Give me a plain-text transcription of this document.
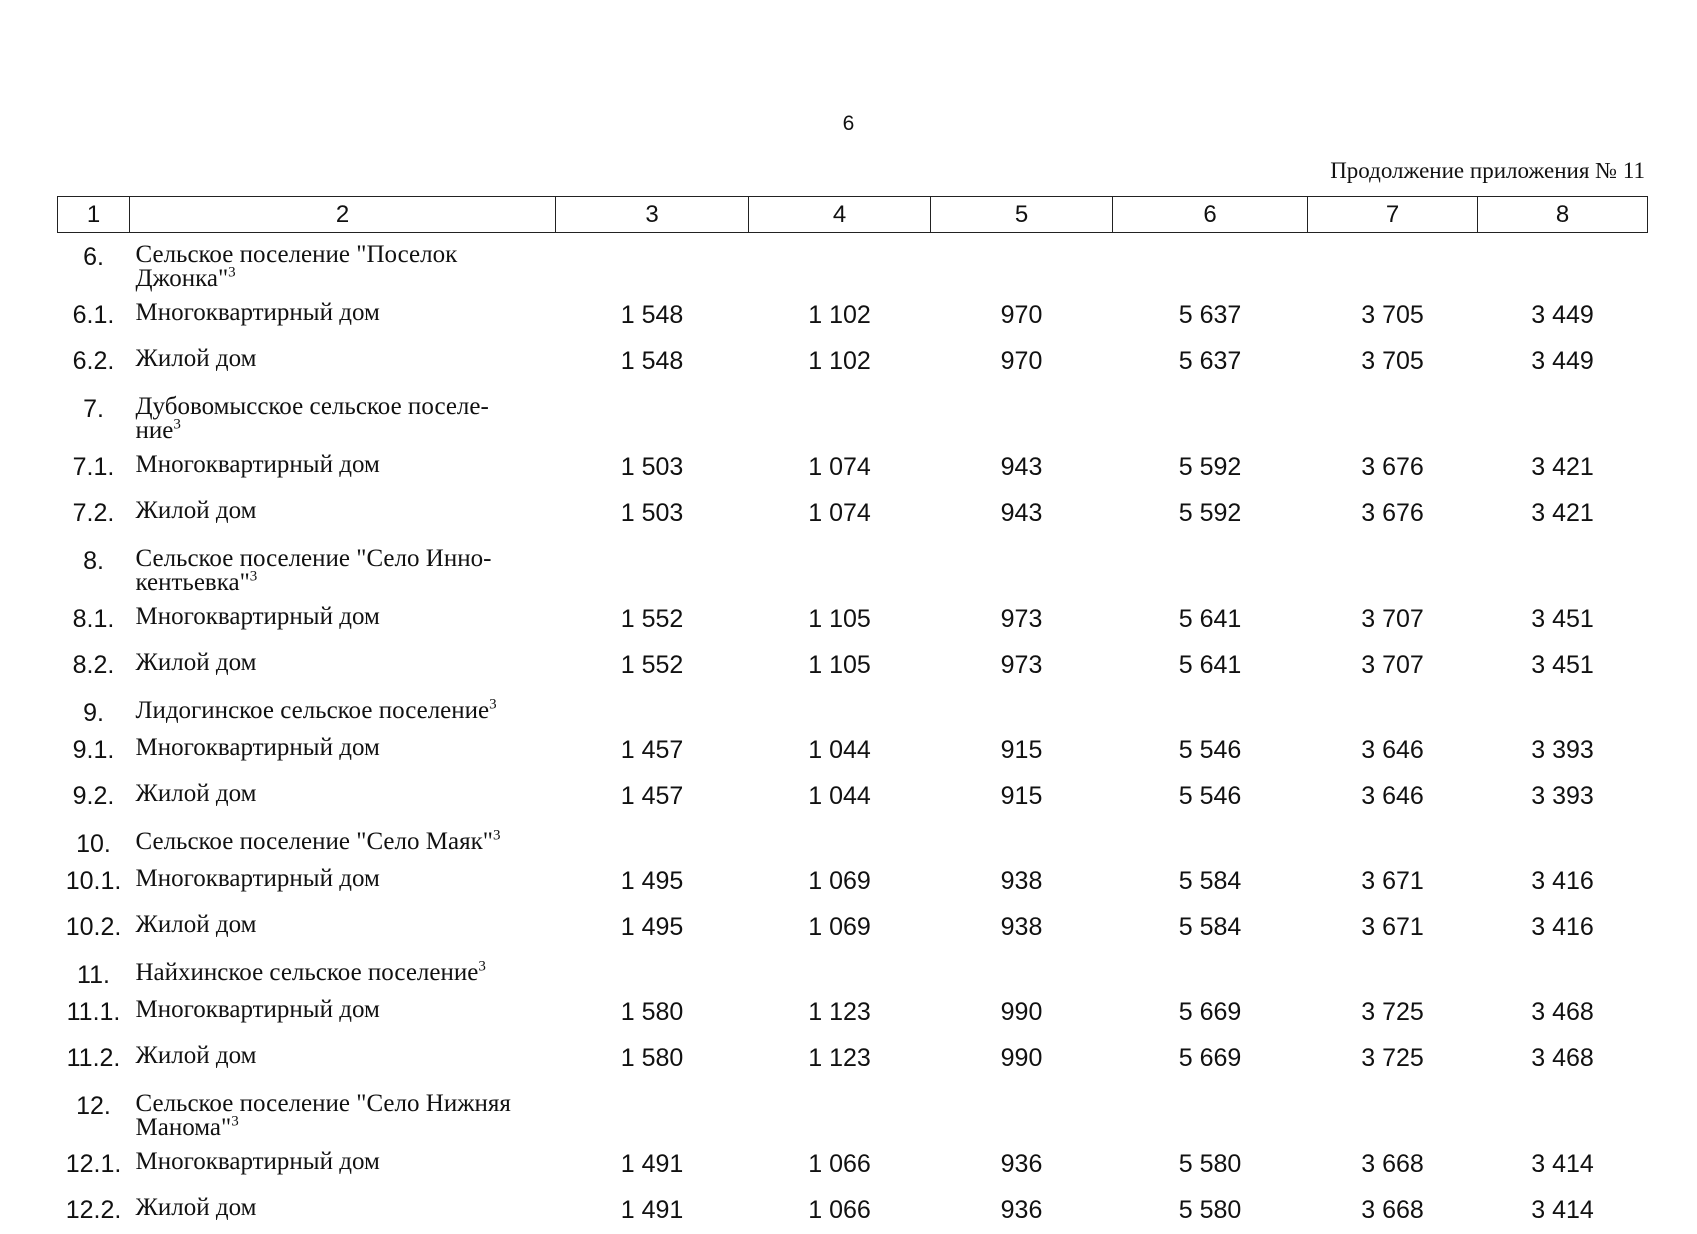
6
Продолжение приложения № 11
1	2	3	4	5	6	7	8
6.	Сельское поселение "Поселок
Джонка"$^3$

6.1.	Многоквартирный дом	1 548	1 102	970	5 637	3 705	3 449
6.2.	Жилой дом	1 548	1 102	970	5 637	3 705	3 449
7.	Дубовомысское сельское поселе-
ние$^3$

7.1.	Многоквартирный дом	1 503	1 074	943	5 592	3 676	3 421
7.2.	Жилой дом	1 503	1 074	943	5 592	3 676	3 421
8.	Сельское поселение "Село Инно-
кентьевка"$^3$

8.1.	Многоквартирный дом	1 552	1 105	973	5 641	3 707	3 451
8.2.	Жилой дом	1 552	1 105	973	5 641	3 707	3 451
9.	Лидогинское сельское поселение$^3$

9.1.	Многоквартирный дом	1 457	1 044	915	5 546	3 646	3 393
9.2.	Жилой дом	1 457	1 044	915	5 546	3 646	3 393
10.	Сельское поселение "Село Маяк"$^3$

10.1.	Многоквартирный дом	1 495	1 069	938	5 584	3 671	3 416
10.2.	Жилой дом	1 495	1 069	938	5 584	3 671	3 416
11.	Найхинское сельское поселение$^3$

11.1.	Многоквартирный дом	1 580	1 123	990	5 669	3 725	3 468
11.2.	Жилой дом	1 580	1 123	990	5 669	3 725	3 468
12.	Сельское поселение "Село Нижняя
Манома"$^3$

12.1.	Многоквартирный дом	1 491	1 066	936	5 580	3 668	3 414
12.2.	Жилой дом	1 491	1 066	936	5 580	3 668	3 414
